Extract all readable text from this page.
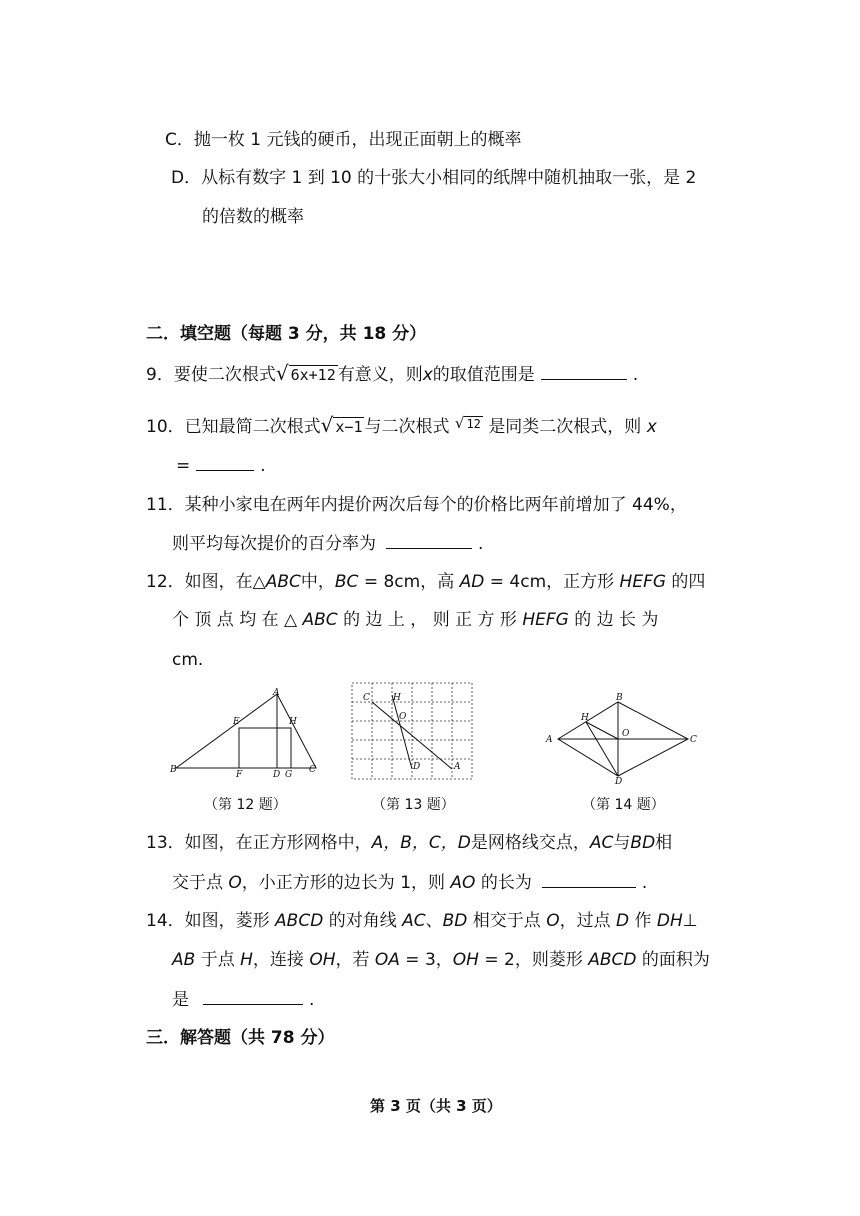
C．抛一枚 1 元钱的硬币，出现正面朝上的概率
D．从标有数字 1 到 10 的十张大小相同的纸牌中随机抽取一张，是 2
的倍数的概率
二．填空题（每题 3 分，共 18 分）
9．要使二次根式√ 6x+12 有意义，则x的取值范围是	.
10．已知最简二次根式√ x−1 与二次根式 √ 12 是同类二次根式，则 x
=	.
11．某种小家电在两年内提价两次后每个的价格比两年前增加了 44%，
则平均每次提价的百分率为	.
12．如图，在△ABC中，BC = 8cm，高 AD = 4cm，正方形 HEFG 的四
个 顶 点 均 在 △ ABC 的 边 上 ， 则 正 方 形 HEFG 的 边 长 为
cm.
A
B	C
D
E
F	G
H
C	H
O
D	A
B
A	C
D
H
O
（第 12 题）	（第 13 题）	（第 14 题）
13．如图，在正方形网格中，A，B，C，D是网格线交点，AC与BD相
交于点 O，小正方形的边长为 1，则 AO 的长为	.
14．如图，菱形 ABCD 的对角线 AC、BD 相交于点 O，过点 D 作 DH⊥
AB 于点 H，连接 OH，若 OA = 3，OH = 2，则菱形 ABCD 的面积为
是	.
三．解答题（共 78 分）
第 3 页（共 3 页）
